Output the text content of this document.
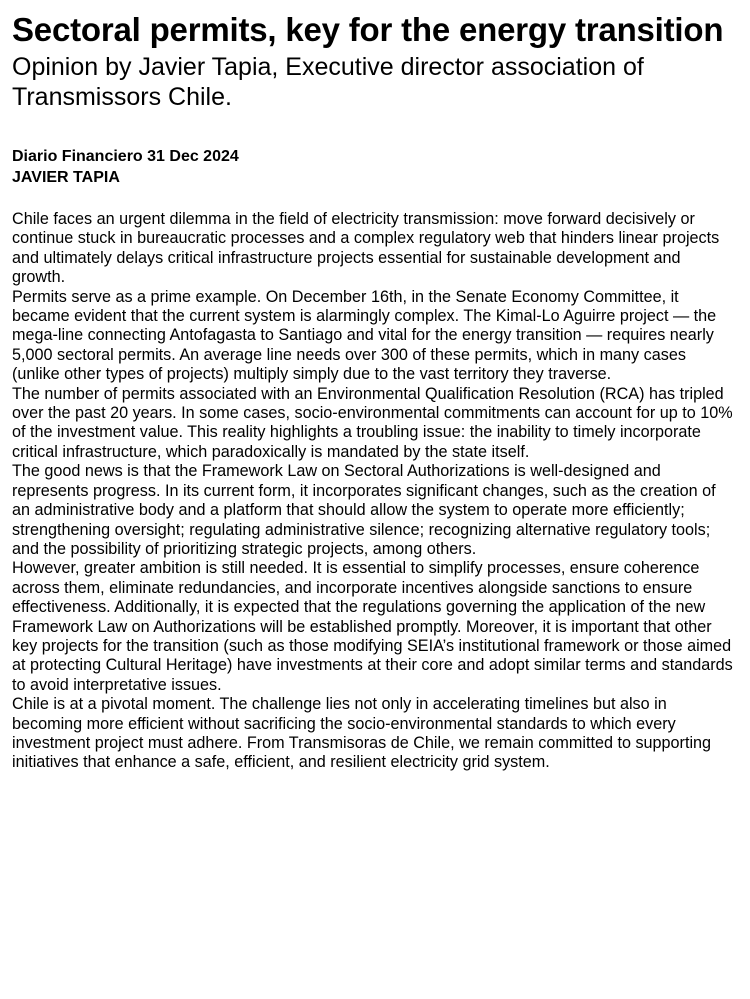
Sectoral permits, key for the energy transition
Opinion by Javier Tapia, Executive director association of Transmissors Chile.
Diario Financiero 31 Dec 2024
JAVIER TAPIA

Chile faces an urgent dilemma in the field of electricity transmission: move forward decisively or continue stuck in bureaucratic processes and a complex regulatory web that hinders linear projects and ultimately delays critical infrastructure projects essential for sustainable development and growth.

Permits serve as a prime example. On December 16th, in the Senate Economy Committee, it became evident that the current system is alarmingly complex. The Kimal-Lo Aguirre project — the mega-line connecting Antofagasta to Santiago and vital for the energy transition — requires nearly 5,000 sectoral permits. An average line needs over 300 of these permits, which in many cases (unlike other types of projects) multiply simply due to the vast territory they traverse.

The number of permits associated with an Environmental Qualification Resolution (RCA) has tripled over the past 20 years. In some cases, socio-environmental commitments can account for up to 10% of the investment value. This reality highlights a troubling issue: the inability to timely incorporate critical infrastructure, which paradoxically is mandated by the state itself.

The good news is that the Framework Law on Sectoral Authorizations is well-designed and represents progress. In its current form, it incorporates significant changes, such as the creation of an administrative body and a platform that should allow the system to operate more efficiently; strengthening oversight; regulating administrative silence; recognizing alternative regulatory tools; and the possibility of prioritizing strategic projects, among others.

However, greater ambition is still needed. It is essential to simplify processes, ensure coherence across them, eliminate redundancies, and incorporate incentives alongside sanctions to ensure effectiveness. Additionally, it is expected that the regulations governing the application of the new Framework Law on Authorizations will be established promptly. Moreover, it is important that other key projects for the transition (such as those modifying SEIA’s institutional framework or those aimed at protecting Cultural Heritage) have investments at their core and adopt similar terms and standards to avoid interpretative issues.

Chile is at a pivotal moment. The challenge lies not only in accelerating timelines but also in becoming more efficient without sacrificing the socio-environmental standards to which every investment project must adhere. From Transmisoras de Chile, we remain committed to supporting initiatives that enhance a safe, efficient, and resilient electricity grid system.
